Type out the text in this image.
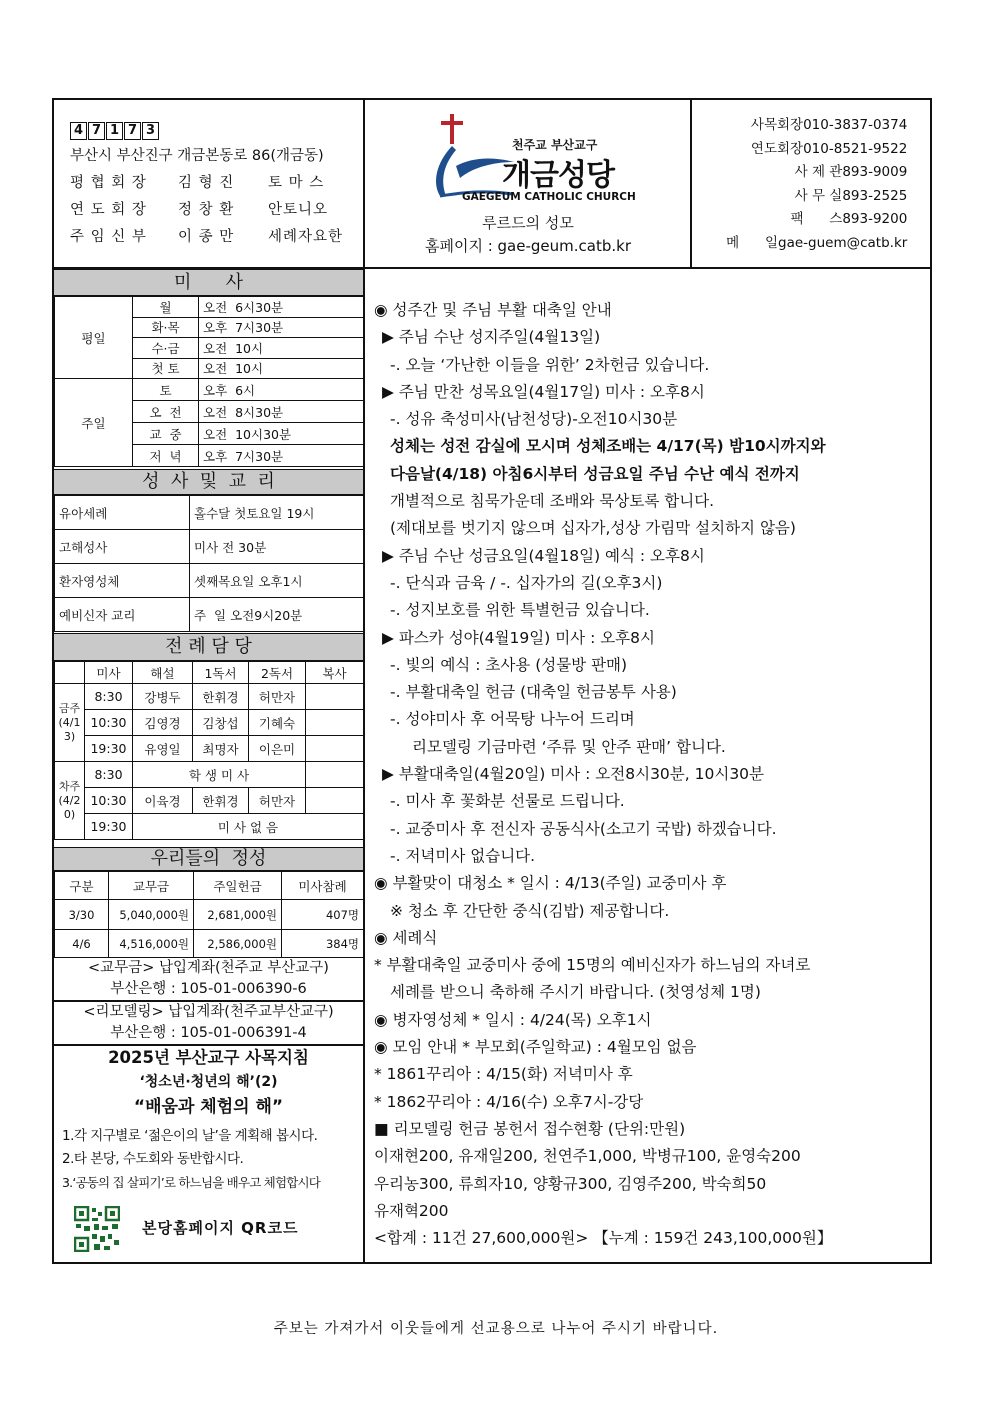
4 7 1 7 3
부산시 부산진구 개금본동로 86(개금동)
평 협 회 장 김 형 진 토 마 스
연 도 회 장 정 창 환 안토니오
주 임 신 부 이 종 만 세례자요한
천주교 부산교구
개금성당
GAEGEUM CATHOLIC CHURCH
루르드의 성모
홈페이지 : gae-geum.catb.kr
사목회장010-3837-0374
연도회장010-8521-9522
사 제 관893-9009
사 무 실893-2525
팩      스893-9200
메      일gae-guem@catb.kr
미      사
평일	월	오전  6시30분
	화·목	오후  7시30분
	수·금	오전  10시
	첫 토	오전  10시
주일	토	오후  6시
	오  전	오전  8시30분
	교  중	오전  10시30분
	저  녁	오후  7시30분
성  사  및  교  리
유아세례	홀수달 첫토요일 19시
고해성사	미사 전 30분
환자영성체	셋째목요일 오후1시
예비신자 교리	주  일 오전9시20분
전 례 담 당
	미사	해설	1독서	2독서	복사
금주(4/13)	8:30	강병두	한휘경	허만자	
	10:30	김영경	김창섭	기혜숙	
	19:30	유영일	최명자	이은미	
차주(4/20)	8:30	학 생 미 사			
	10:30	이육경	한휘경	허만자	
	19:30	미 사 없 음			
우리들의  정성
구분	교무금	주일헌금	미사참례
3/30	5,040,000원	2,681,000원	407명
4/6	4,516,000원	2,586,000원	384명
<교무금> 납입계좌(천주교 부산교구)
부산은행 : 105-01-006390-6
<리모델링> 납입계좌(천주교부산교구)
부산은행 : 105-01-006391-4
2025년 부산교구 사목지침
‘청소년·청년의 해’(2)
“배움과 체험의 해”
1.각 지구별로 ‘젊은이의 날’을 계획해 봅시다.
2.타 본당, 수도회와 동반합시다.
3.‘공동의 집 살피기’로 하느님을 배우고 체험합시다
본당홈페이지 QR코드
◉ 성주간 및 주님 부활 대축일 안내
▶ 주님 수난 성지주일(4월13일)
-. 오늘 ‘가난한 이들을 위한’ 2차헌금 있습니다.
▶ 주님 만찬 성목요일(4월17일) 미사 : 오후8시
-. 성유 축성미사(남천성당)-오전10시30분
성체는 성전 감실에 모시며 성체조배는 4/17(목) 밤10시까지와
다음날(4/18) 아침6시부터 성금요일 주님 수난 예식 전까지
개별적으로 침묵가운데 조배와 묵상토록 합니다.
(제대보를 벗기지 않으며 십자가,성상 가림막 설치하지 않음)
▶ 주님 수난 성금요일(4월18일) 예식 : 오후8시
-. 단식과 금육 / -. 십자가의 길(오후3시)
-. 성지보호를 위한 특별헌금 있습니다.
▶ 파스카 성야(4월19일) 미사 : 오후8시
-. 빛의 예식 : 초사용 (성물방 판매)
-. 부활대축일 헌금 (대축일 헌금봉투 사용)
-. 성야미사 후 어묵탕 나누어 드리며
리모델링 기금마련 ‘주류 및 안주 판매’ 합니다.
▶ 부활대축일(4월20일) 미사 : 오전8시30분, 10시30분
-. 미사 후 꽃화분 선물로 드립니다.
-. 교중미사 후 전신자 공동식사(소고기 국밥) 하겠습니다.
-. 저녁미사 없습니다.
◉ 부활맞이 대청소 * 일시 : 4/13(주일) 교중미사 후
※ 청소 후 간단한 중식(김밥) 제공합니다.
◉ 세례식
* 부활대축일 교중미사 중에 15명의 예비신자가 하느님의 자녀로
세례를 받으니 축하해 주시기 바랍니다. (첫영성체 1명)
◉ 병자영성체 * 일시 : 4/24(목) 오후1시
◉ 모임 안내 * 부모회(주일학교) : 4월모임 없음
* 1861꾸리아 : 4/15(화) 저녁미사 후
* 1862꾸리아 : 4/16(수) 오후7시-강당
■ 리모델링 헌금 봉헌서 접수현황 (단위:만원)
이재현200, 유재일200, 천연주1,000, 박병규100, 윤영숙200
우리농300, 류희자10, 양황규300, 김영주200, 박숙희50
유재혁200
<합계 : 11건 27,600,000원> 【누계 : 159건 243,100,000원】
주보는 가져가서 이웃들에게 선교용으로 나누어 주시기 바랍니다.
